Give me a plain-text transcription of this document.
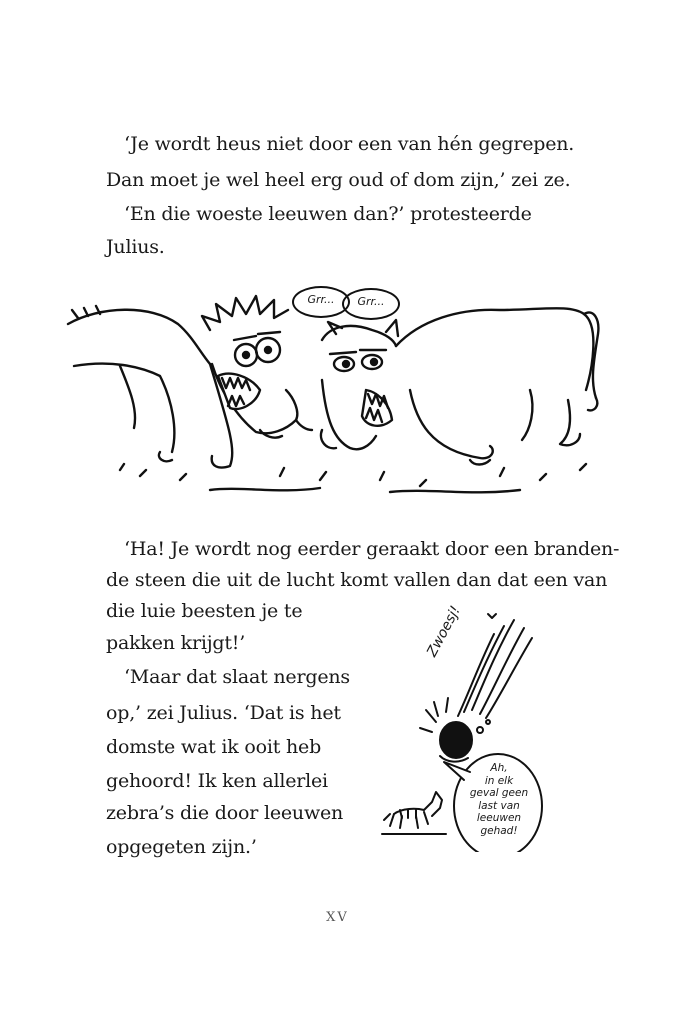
‘Je wordt heus niet door een van hén gegrepen.

Dan moet je wel heel erg oud of dom zijn,’ zei ze.

‘En die woeste leeuwen dan?’ protesteerde

Julius.

Grr...	Grr...

‘Ha! Je wordt nog eerder geraakt door een branden-

de steen die uit de lucht komt vallen dan dat een van

die luie beesten je te

pakken krijgt!’

‘Maar dat slaat nergens

op,’ zei Julius. ‘Dat is het

domste wat ik ooit heb

gehoord! Ik ken allerlei

zebra’s die door leeuwen

opgegeten zijn.’

Zwoesj!
Ah,
in elk
geval geen
last van
leeuwen
gehad!
XV
